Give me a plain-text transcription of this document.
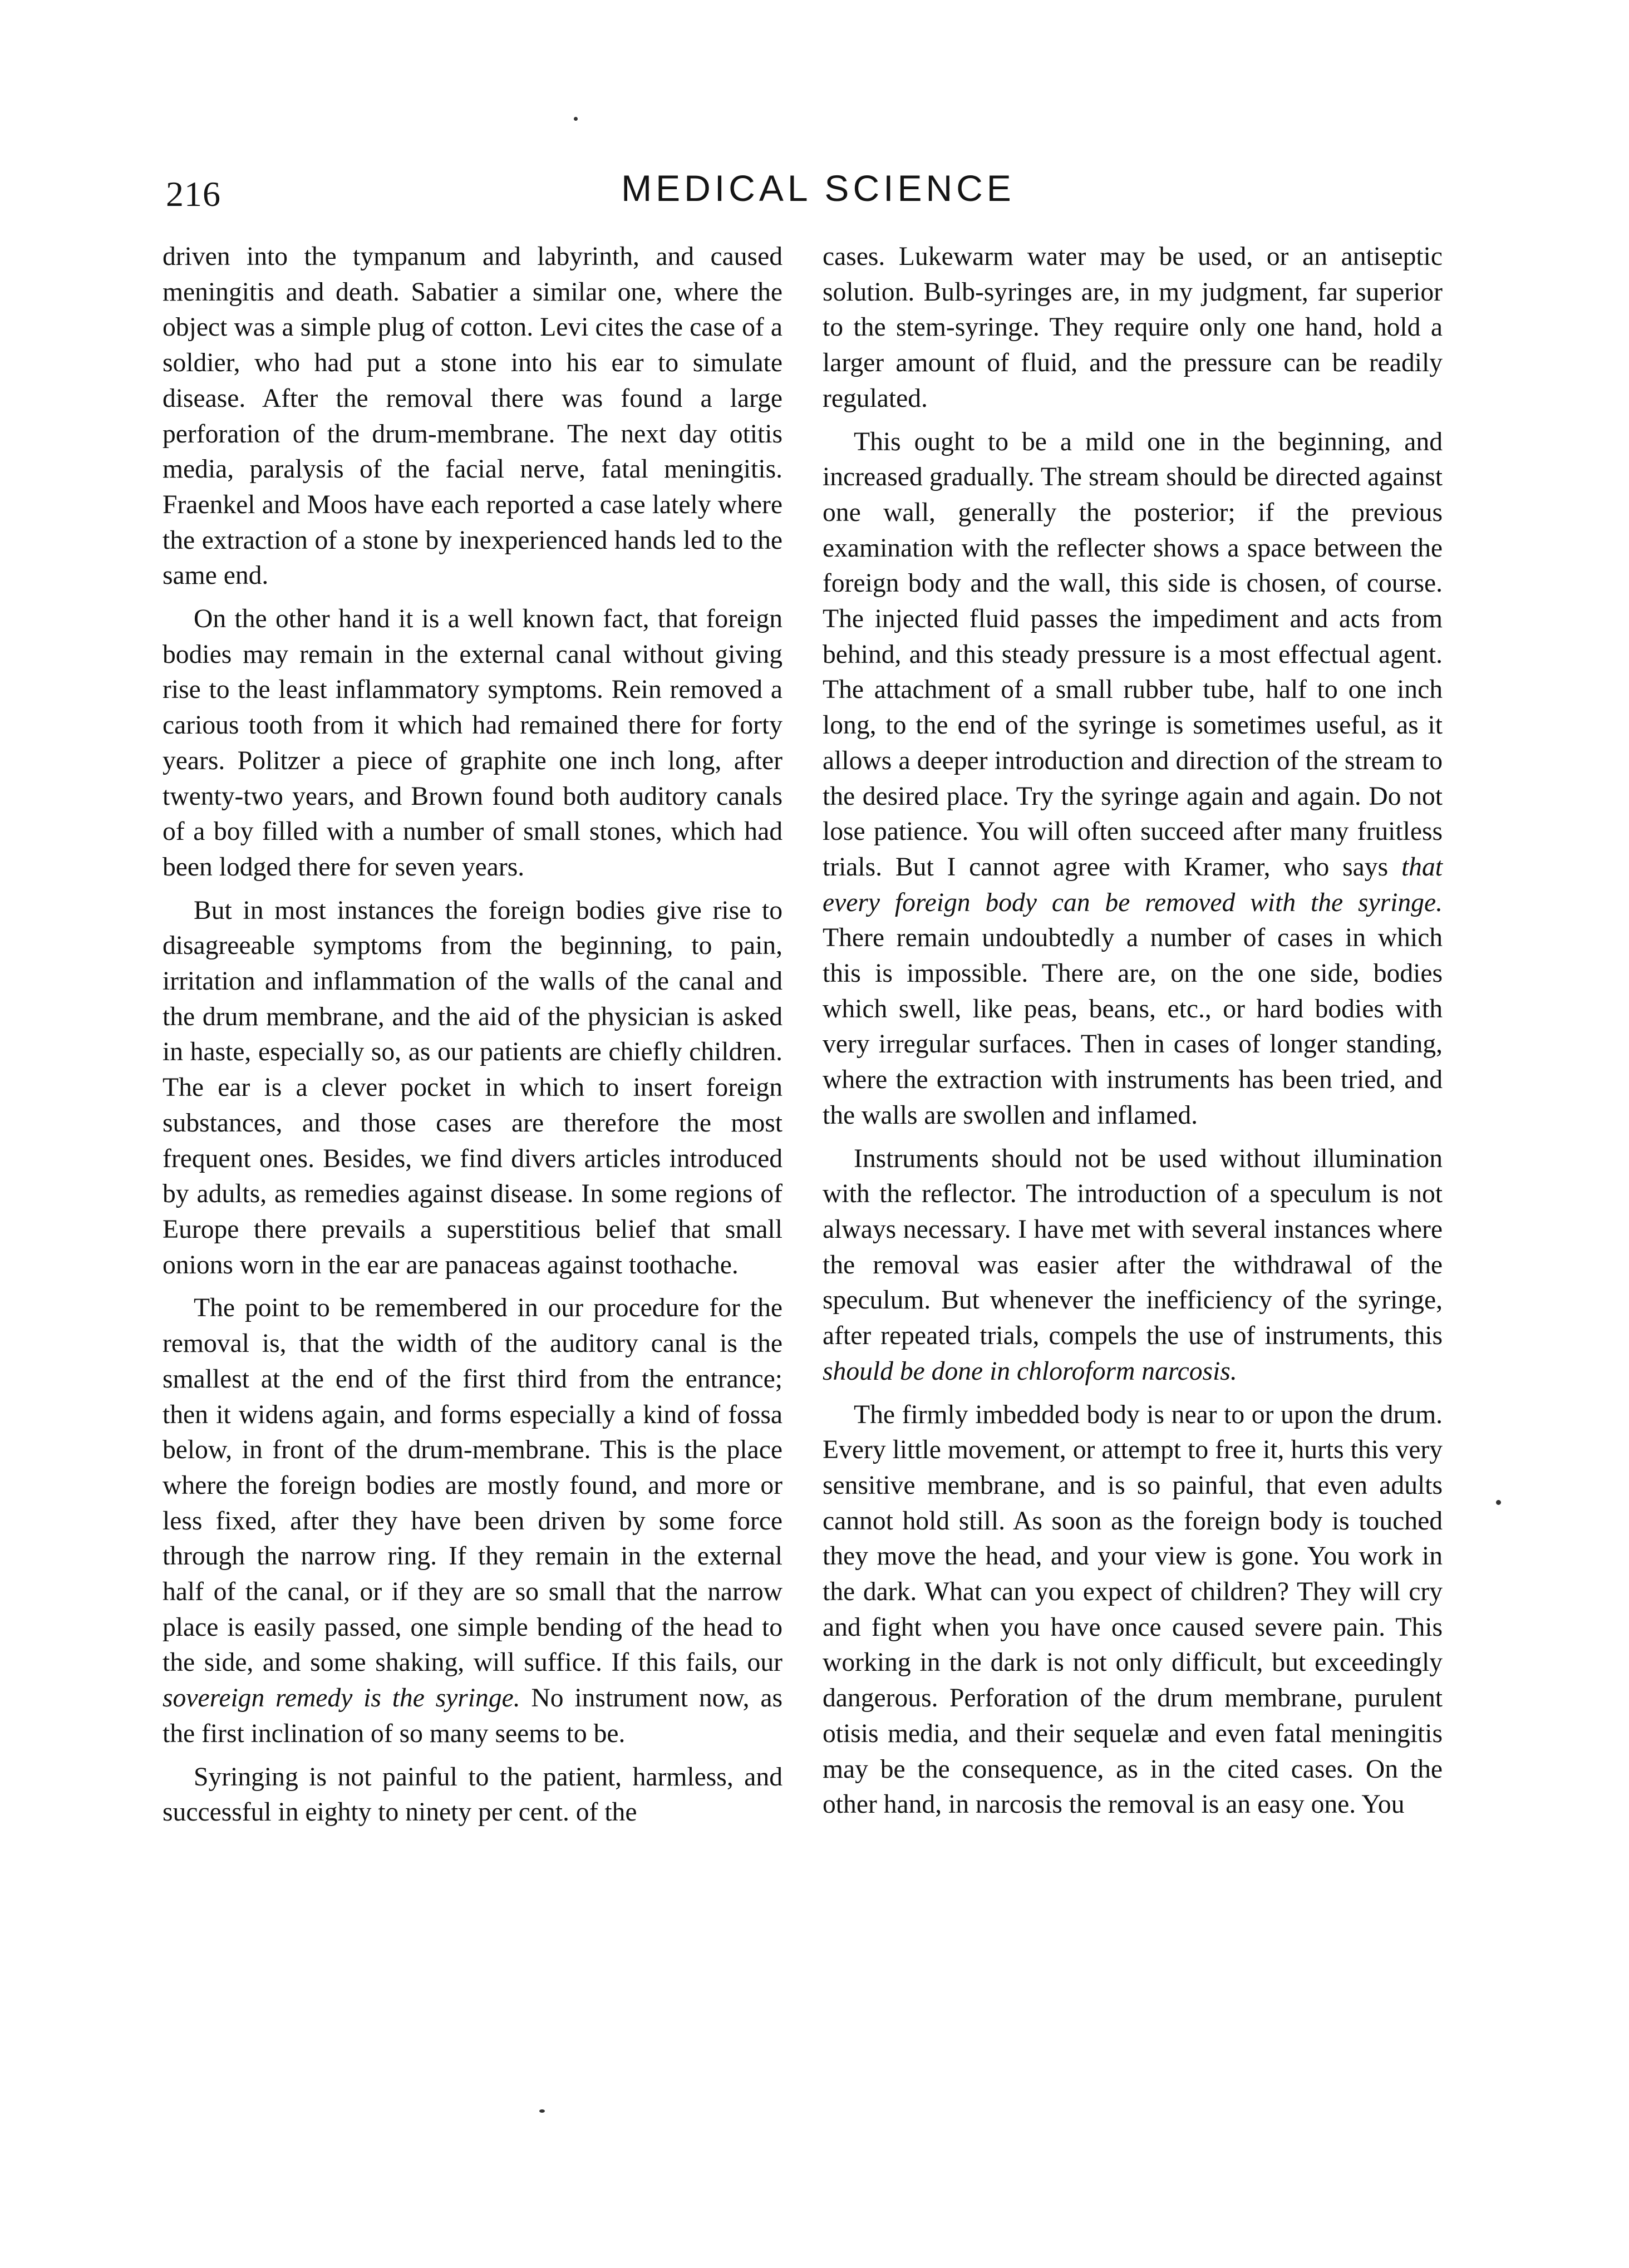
216	MEDICAL SCIENCE

driven into the tympanum and labyrinth, and caused meningitis and death. Sabatier a similar one, where the object was a simple plug of cotton. Levi cites the case of a soldier, who had put a stone into his ear to simulate disease. After the removal there was found a large perforation of the drum-membrane. The next day otitis media, paralysis of the facial nerve, fatal meningitis. Fraenkel and Moos have each reported a case lately where the extraction of a stone by inexperienced hands led to the same end.

On the other hand it is a well known fact, that foreign bodies may remain in the external canal without giving rise to the least inflammatory symptoms. Rein removed a carious tooth from it which had remained there for forty years. Politzer a piece of graphite one inch long, after twenty-two years, and Brown found both auditory canals of a boy filled with a number of small stones, which had been lodged there for seven years.

But in most instances the foreign bodies give rise to disagreeable symptoms from the beginning, to pain, irritation and inflammation of the walls of the canal and the drum membrane, and the aid of the physician is asked in haste, especially so, as our patients are chiefly children. The ear is a clever pocket in which to insert foreign substances, and those cases are therefore the most frequent ones. Besides, we find divers articles introduced by adults, as remedies against disease. In some regions of Europe there prevails a superstitious belief that small onions worn in the ear are panaceas against toothache.

The point to be remembered in our procedure for the removal is, that the width of the auditory canal is the smallest at the end of the first third from the entrance; then it widens again, and forms especially a kind of fossa below, in front of the drum-membrane. This is the place where the foreign bodies are mostly found, and more or less fixed, after they have been driven by some force through the narrow ring. If they remain in the external half of the canal, or if they are so small that the narrow place is easily passed, one simple bending of the head to the side, and some shaking, will suffice. If this fails, our sovereign remedy is the syringe. No instrument now, as the first inclination of so many seems to be.

Syringing is not painful to the patient, harmless, and successful in eighty to ninety per cent. of the

cases. Lukewarm water may be used, or an antiseptic solution. Bulb-syringes are, in my judgment, far superior to the stem-syringe. They require only one hand, hold a larger amount of fluid, and the pressure can be readily regulated.

This ought to be a mild one in the beginning, and increased gradually. The stream should be directed against one wall, generally the posterior; if the previous examination with the reflecter shows a space between the foreign body and the wall, this side is chosen, of course. The injected fluid passes the impediment and acts from behind, and this steady pressure is a most effectual agent. The attachment of a small rubber tube, half to one inch long, to the end of the syringe is sometimes useful, as it allows a deeper introduction and direction of the stream to the desired place. Try the syringe again and again. Do not lose patience. You will often succeed after many fruitless trials. But I cannot agree with Kramer, who says that every foreign body can be removed with the syringe. There remain undoubtedly a number of cases in which this is impossible. There are, on the one side, bodies which swell, like peas, beans, etc., or hard bodies with very irregular surfaces. Then in cases of longer standing, where the extraction with instruments has been tried, and the walls are swollen and inflamed.

Instruments should not be used without illumination with the reflector. The introduction of a speculum is not always necessary. I have met with several instances where the removal was easier after the withdrawal of the speculum. But whenever the inefficiency of the syringe, after repeated trials, compels the use of instruments, this should be done in chloroform narcosis.

The firmly imbedded body is near to or upon the drum. Every little movement, or attempt to free it, hurts this very sensitive membrane, and is so painful, that even adults cannot hold still. As soon as the foreign body is touched they move the head, and your view is gone. You work in the dark. What can you expect of children? They will cry and fight when you have once caused severe pain. This working in the dark is not only difficult, but exceedingly dangerous. Perforation of the drum membrane, purulent otisis media, and their sequelæ and even fatal meningitis may be the consequence, as in the cited cases. On the other hand, in narcosis the removal is an easy one. You
